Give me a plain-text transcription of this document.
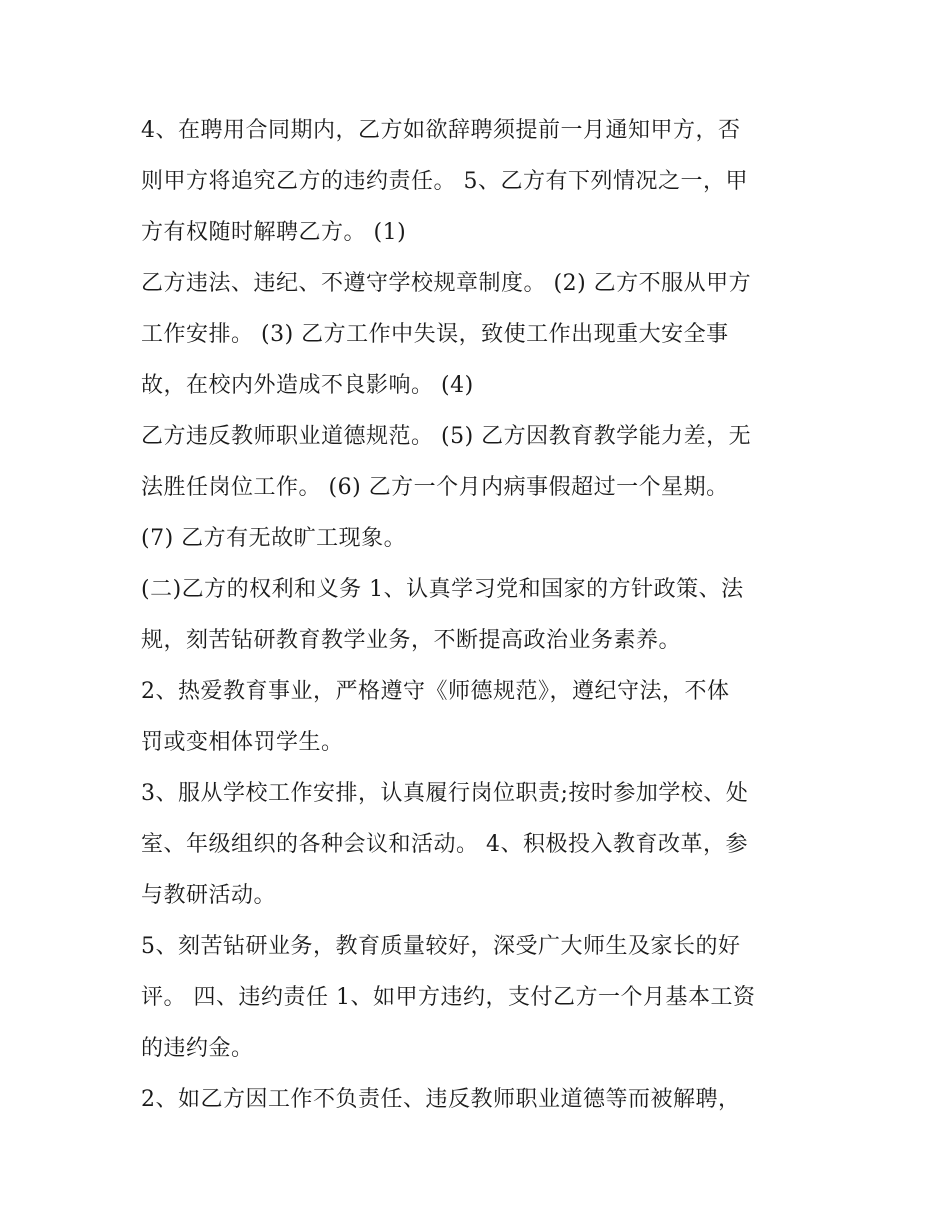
4、在聘用合同期内，乙方如欲辞聘须提前一月通知甲方，否
则甲方将追究乙方的违约责任。 5、乙方有下列情况之一，甲
方有权随时解聘乙方。 (1)
乙方违法、违纪、不遵守学校规章制度。 (2) 乙方不服从甲方
工作安排。 (3) 乙方工作中失误，致使工作出现重大安全事
故，在校内外造成不良影响。 (4)
乙方违反教师职业道德规范。 (5) 乙方因教育教学能力差，无
法胜任岗位工作。 (6) 乙方一个月内病事假超过一个星期。
(7) 乙方有无故旷工现象。
(二)乙方的权利和义务 1、认真学习党和国家的方针政策、法
规，刻苦钻研教育教学业务，不断提高政治业务素养。
2、热爱教育事业，严格遵守《师德规范》，遵纪守法，不体
罚或变相体罚学生。
3、服从学校工作安排，认真履行岗位职责;按时参加学校、处
室、年级组织的各种会议和活动。 4、积极投入教育改革，参
与教研活动。
5、刻苦钻研业务，教育质量较好，深受广大师生及家长的好
评。 四、违约责任 1、如甲方违约，支付乙方一个月基本工资
的违约金。
2、如乙方因工作不负责任、违反教师职业道德等而被解聘，
